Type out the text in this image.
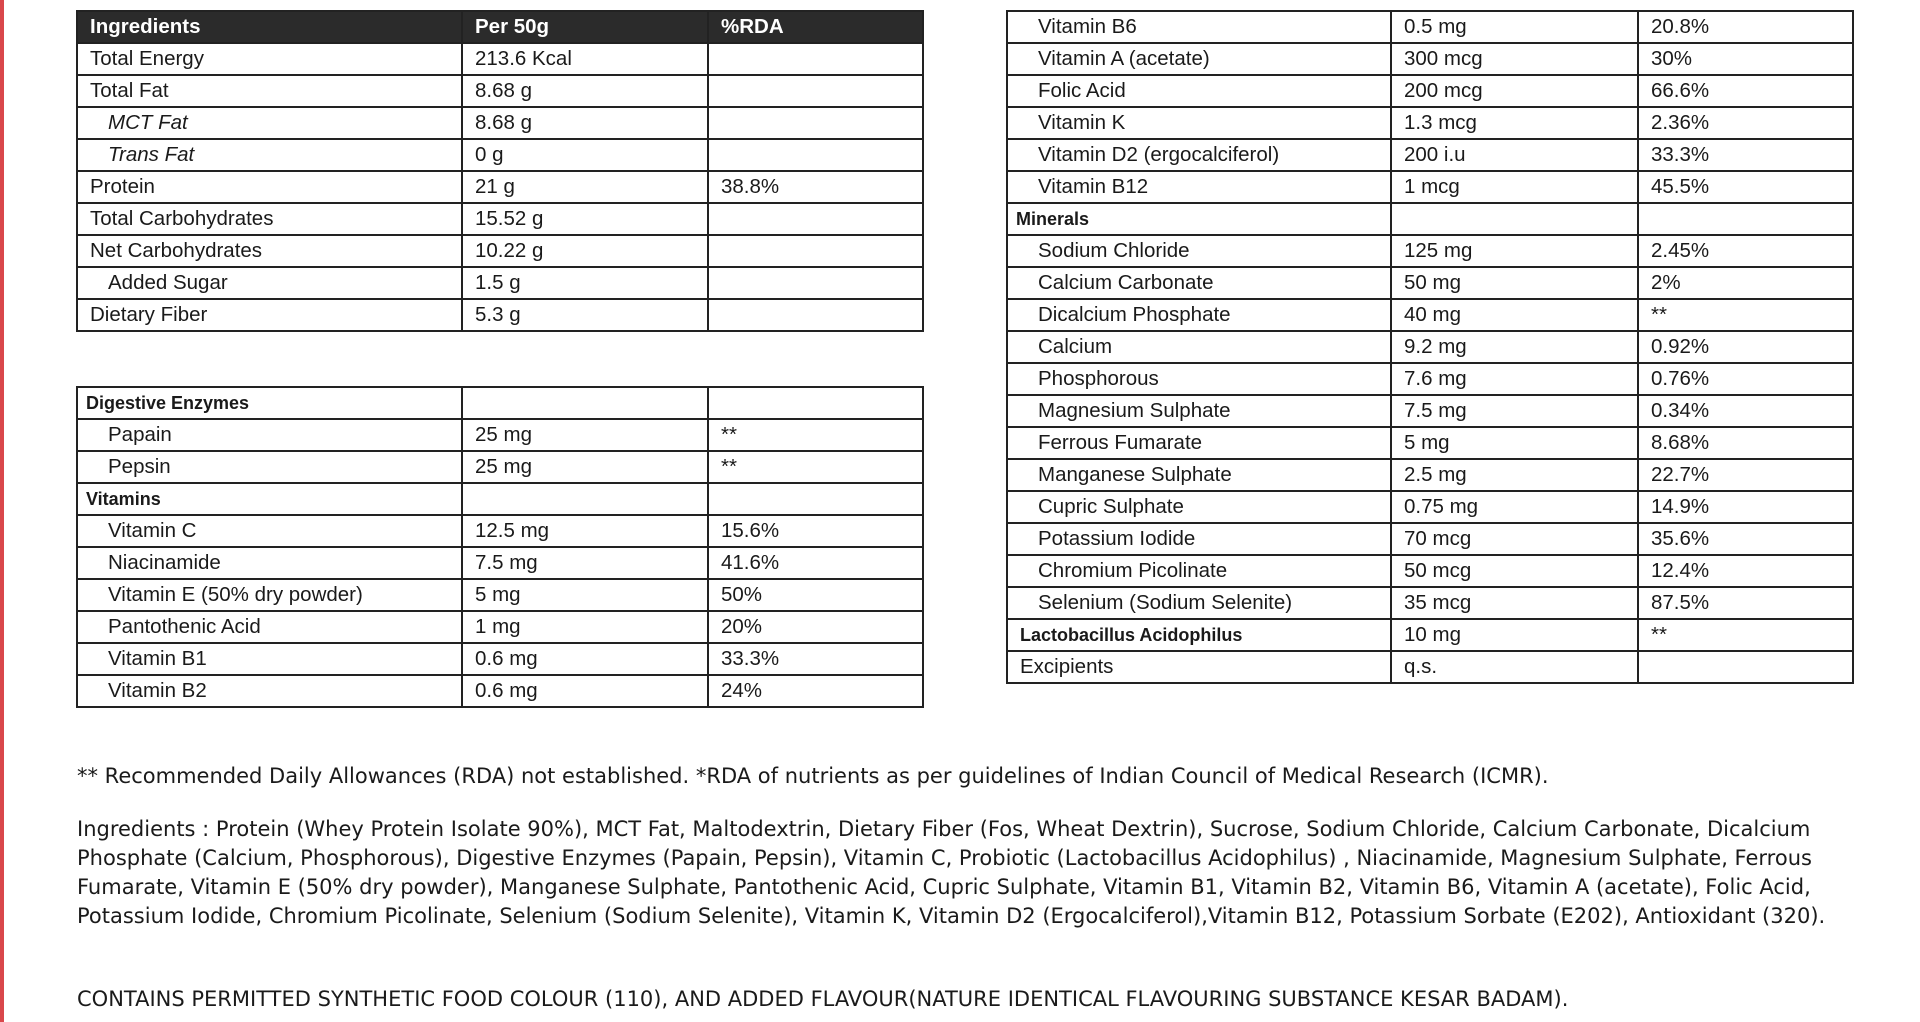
Ingredients	Per 50g	%RDA
Total Energy	213.6 Kcal	
Total Fat	8.68 g	
MCT Fat	8.68 g	
Trans Fat	0 g	
Protein	21 g	38.8%
Total Carbohydrates	15.52 g	
Net Carbohydrates	10.22 g	
Added Sugar	1.5 g	
Dietary Fiber	5.3 g	
Digestive Enzymes		
Papain	25 mg	**
Pepsin	25 mg	**
Vitamins		
Vitamin C	12.5 mg	15.6%
Niacinamide	7.5 mg	41.6%
Vitamin E (50% dry powder)	5 mg	50%
Pantothenic Acid	1 mg	20%
Vitamin B1	0.6 mg	33.3%
Vitamin B2	0.6 mg	24%
Vitamin B6	0.5 mg	20.8%
Vitamin A (acetate)	300 mcg	30%
Folic Acid	200 mcg	66.6%
Vitamin K	1.3 mcg	2.36%
Vitamin D2 (ergocalciferol)	200 i.u	33.3%
Vitamin B12	1 mcg	45.5%
Minerals		
Sodium Chloride	125 mg	2.45%
Calcium Carbonate	50 mg	2%
Dicalcium Phosphate	40 mg	**
Calcium	9.2 mg	0.92%
Phosphorous	7.6 mg	0.76%
Magnesium Sulphate	7.5 mg	0.34%
Ferrous Fumarate	5 mg	8.68%
Manganese Sulphate	2.5 mg	22.7%
Cupric Sulphate	0.75 mg	14.9%
Potassium Iodide	70 mcg	35.6%
Chromium Picolinate	50 mcg	12.4%
Selenium (Sodium Selenite)	35 mcg	87.5%
Lactobacillus Acidophilus	10 mg	**
Excipients	q.s.	
** Recommended Daily Allowances (RDA) not established. *RDA of nutrients as per guidelines of Indian Council of Medical Research (ICMR).
Ingredients : Protein (Whey Protein Isolate 90%), MCT Fat, Maltodextrin, Dietary Fiber (Fos, Wheat Dextrin), Sucrose, Sodium Chloride, Calcium Carbonate, Dicalcium Phosphate (Calcium, Phosphorous), Digestive Enzymes (Papain, Pepsin), Vitamin C, Probiotic (Lactobacillus Acidophilus) , Niacinamide, Magnesium Sulphate, Ferrous Fumarate, Vitamin E (50% dry powder), Manganese Sulphate, Pantothenic Acid, Cupric Sulphate, Vitamin B1, Vitamin B2, Vitamin B6, Vitamin A (acetate), Folic Acid, Potassium Iodide, Chromium Picolinate, Selenium (Sodium Selenite), Vitamin K, Vitamin D2 (Ergocalciferol),Vitamin B12, Potassium Sorbate (E202), Antioxidant (320).
CONTAINS PERMITTED SYNTHETIC FOOD COLOUR (110), AND ADDED FLAVOUR(NATURE IDENTICAL FLAVOURING SUBSTANCE KESAR BADAM).
